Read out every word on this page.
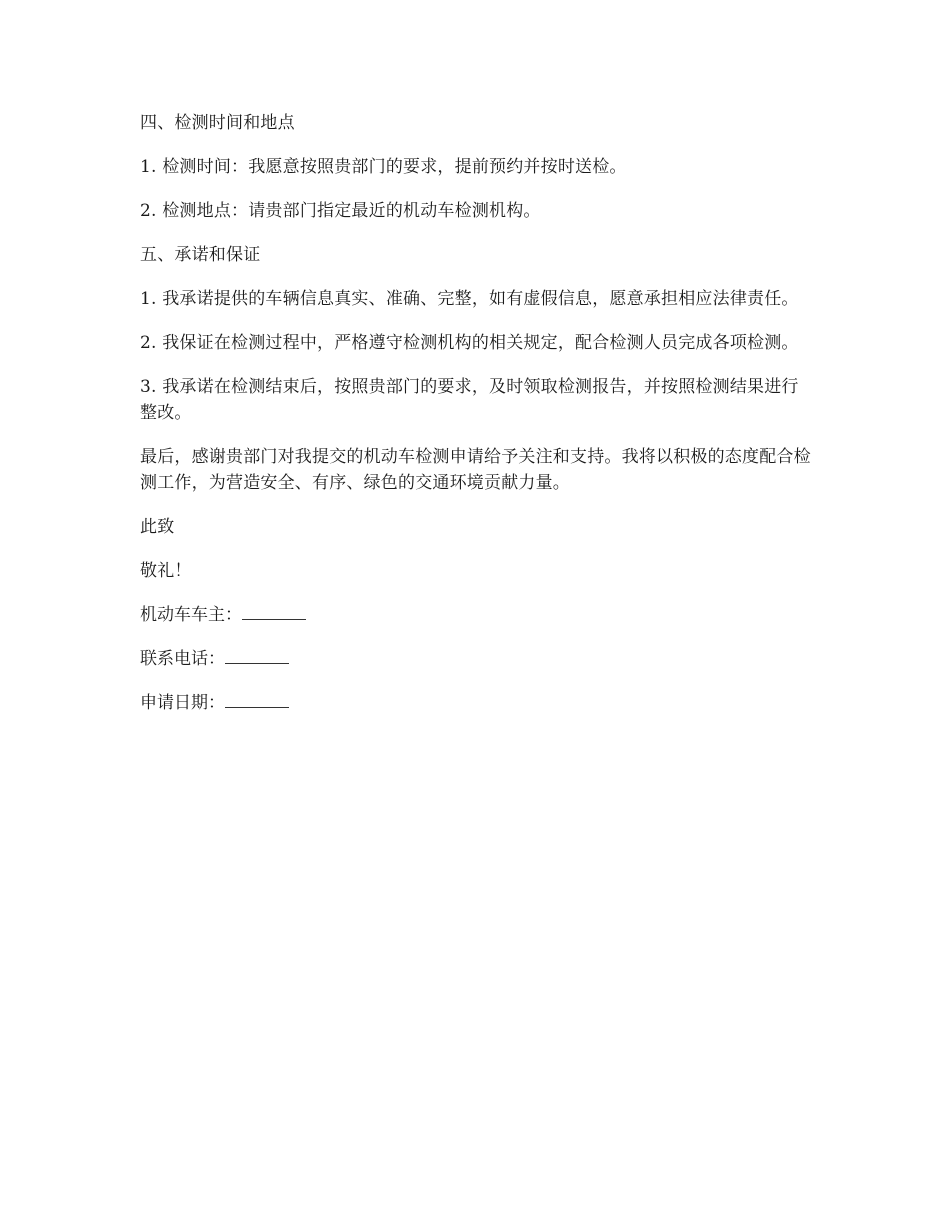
四、检测时间和地点

1. 检测时间：我愿意按照贵部门的要求，提前预约并按时送检。

2. 检测地点：请贵部门指定最近的机动车检测机构。

五、承诺和保证

1. 我承诺提供的车辆信息真实、准确、完整，如有虚假信息，愿意承担相应法律责任。

2. 我保证在检测过程中，严格遵守检测机构的相关规定，配合检测人员完成各项检测。

3. 我承诺在检测结束后，按照贵部门的要求，及时领取检测报告，并按照检测结果进行整改。

最后，感谢贵部门对我提交的机动车检测申请给予关注和支持。我将以积极的态度配合检测工作，为营造安全、有序、绿色的交通环境贡献力量。

此致

敬礼！

机动车车主：
联系电话：
申请日期：
